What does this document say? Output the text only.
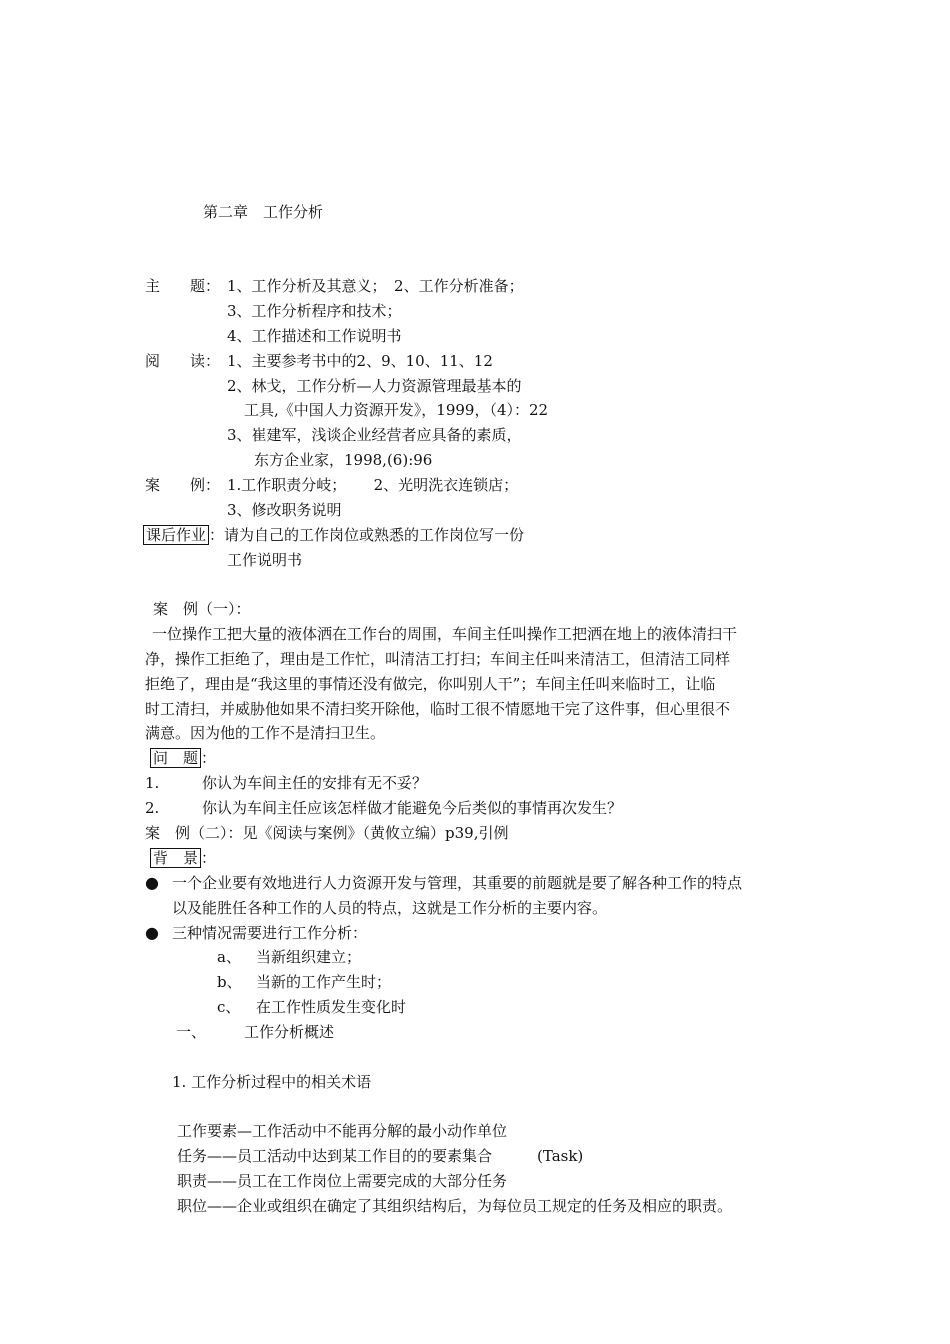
第二章　工作分析
主　　题： 1、工作分析及其意义；　2、工作分析准备；
3、工作分析程序和技术；
4、工作描述和工作说明书
阅　　读： 1、主要参考书中的2、9、10、11、12
2、林戈，工作分析—人力资源管理最基本的
工具,《中国人力资源开发》，1999，（4）：22
3、崔建军，浅谈企业经营者应具备的素质，
东方企业家，1998,(6):96
案　　例： 1.工作职责分岐；　　 2、光明洗衣连锁店；
3、修改职务说明
课后作业 ：请为自己的工作岗位或熟悉的工作岗位写一份
工作说明书
案　例（一）：
一位操作工把大量的液体洒在工作台的周围，车间主任叫操作工把洒在地上的液体清扫干
净，操作工拒绝了，理由是工作忙，叫清洁工打扫；车间主任叫来清洁工，但清洁工同样
拒绝了，理由是“我这里的事情还没有做完，你叫别人干”；车间主任叫来临时工，让临
时工清扫，并威胁他如果不清扫奖开除他，临时工很不情愿地干完了这件事，但心里很不
满意。因为他的工作不是清扫卫生。
问　题 ：
1.	你认为车间主任的安排有无不妥？
2.	你认为车间主任应该怎样做才能避免今后类似的事情再次发生？
案　例（二）：见《阅读与案例》（黄攸立编）p39,引例
背　景 ：
● 一个企业要有效地进行人力资源开发与管理，其重要的前题就是要了解各种工作的特点
以及能胜任各种工作的人员的特点，这就是工作分析的主要内容。
● 三种情况需要进行工作分析：
a、 当新组织建立；
b、 当新的工作产生时；
c、 在工作性质发生变化时
一、	工作分析概述
1. 工作分析过程中的相关术语
工作要素—工作活动中不能再分解的最小动作单位
任务——员工活动中达到某工作目的的要素集合　　　(Task)
职责——员工在工作岗位上需要完成的大部分任务
职位——企业或组织在确定了其组织结构后，为每位员工规定的任务及相应的职责。
